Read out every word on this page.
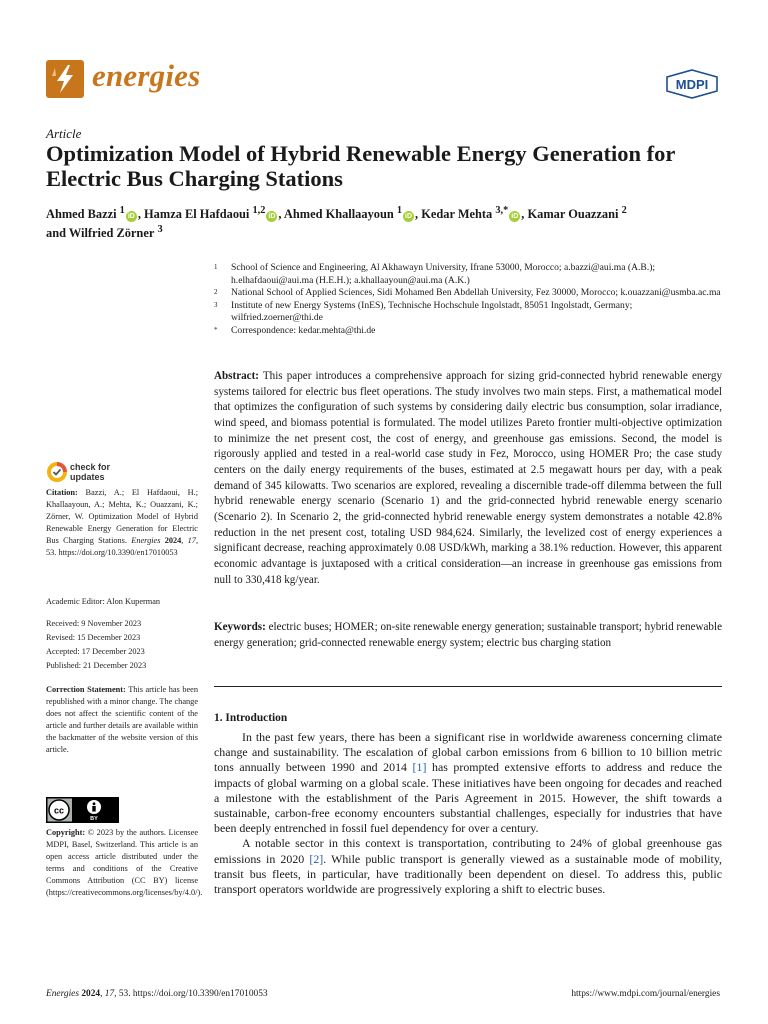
energies	MDPI
Article
Optimization Model of Hybrid Renewable Energy Generation for Electric Bus Charging Stations
Ahmed Bazzi $^1$iD , Hamza El Hafdaoui $^{1,2}$iD , Ahmed Khallaayoun $^1$iD , Kedar Mehta $^{3,*}$iD , Kamar Ouazzani $^2$
and Wilfried Zörner $^3$
1 School of Science and Engineering, Al Akhawayn University, Ifrane 53000, Morocco; a.bazzi@aui.ma (A.B.); h.elhafdaoui@aui.ma (H.E.H.); a.khallaayoun@aui.ma (A.K.)
2 National School of Applied Sciences, Sidi Mohamed Ben Abdellah University, Fez 30000, Morocco; k.ouazzani@usmba.ac.ma
3 Institute of new Energy Systems (InES), Technische Hochschule Ingolstadt, 85051 Ingolstadt, Germany; wilfried.zoerner@thi.de
* Correspondence: kedar.mehta@thi.de
Abstract: This paper introduces a comprehensive approach for sizing grid-connected hybrid renewable energy systems tailored for electric bus fleet operations. The study involves two main steps. First, a mathematical model that optimizes the configuration of such systems by considering daily electric bus consumption, solar irradiance, wind speed, and biomass potential is formulated. The model utilizes Pareto frontier multi-objective optimization to minimize the net present cost, the cost of energy, and greenhouse gas emissions. Second, the model is rigorously applied and tested in a real-world case study in Fez, Morocco, using HOMER Pro; the case study centers on the daily energy requirements of the buses, estimated at 2.5 megawatt hours per day, with a peak demand of 345 kilowatts. Two scenarios are explored, revealing a discernible trade-off dilemma between the full hybrid renewable energy scenario (Scenario 1) and the grid-connected hybrid renewable energy scenario (Scenario 2). In Scenario 2, the grid-connected hybrid renewable energy system demonstrates a notable 42.8% reduction in the net present cost, totaling USD 984,624. Similarly, the levelized cost of energy experiences a significant decrease, reaching approximately 0.08 USD/kWh, marking a 38.1% reduction. However, this apparent economic advantage is juxtaposed with a critical consideration—an increase in greenhouse gas emissions from null to 330,418 kg/year.
Keywords: electric buses; HOMER; on-site renewable energy generation; sustainable transport; hybrid renewable energy generation; grid-connected renewable energy system; electric bus charging station
1. Introduction

In the past few years, there has been a significant rise in worldwide awareness concerning climate change and sustainability. The escalation of global carbon emissions from 6 billion to 10 billion metric tons annually between 1990 and 2014 [1] has prompted extensive efforts to address and reduce the impacts of global warming on a global scale. These initiatives have been ongoing for decades and reached a milestone with the establishment of the Paris Agreement in 2015. However, the shift towards a sustainable, carbon-free economy encounters substantial challenges, especially for industries that have been deeply entrenched in fossil fuel dependency for over a century.

A notable sector in this context is transportation, contributing to 24% of global greenhouse gas emissions in 2020 [2]. While public transport is generally viewed as a sustainable mode of mobility, transit bus fleets, in particular, have traditionally been dependent on diesel. To address this, public transport operators worldwide are progressively exploring a shift to electric buses.

check for
updates
Citation: Bazzi, A.; El Hafdaoui, H.; Khallaayoun, A.; Mehta, K.; Ouazzani, K.; Zörner, W. Optimization Model of Hybrid Renewable Energy Generation for Electric Bus Charging Stations. Energies 2024, 17, 53. https://doi.org/10.3390/en17010053
Academic Editor: Alon Kuperman
Received: 9 November 2023
Revised: 15 December 2023
Accepted: 17 December 2023
Published: 21 December 2023
Correction Statement: This article has been republished with a minor change. The change does not affect the scientific content of the article and further details are available within the backmatter of the website version of this article.
cc
BY
Copyright: © 2023 by the authors. Licensee MDPI, Basel, Switzerland. This article is an open access article distributed under the terms and conditions of the Creative Commons Attribution (CC BY) license (https://creativecommons.org/licenses/by/4.0/).
Energies 2024, 17, 53. https://doi.org/10.3390/en17010053	https://www.mdpi.com/journal/energies
